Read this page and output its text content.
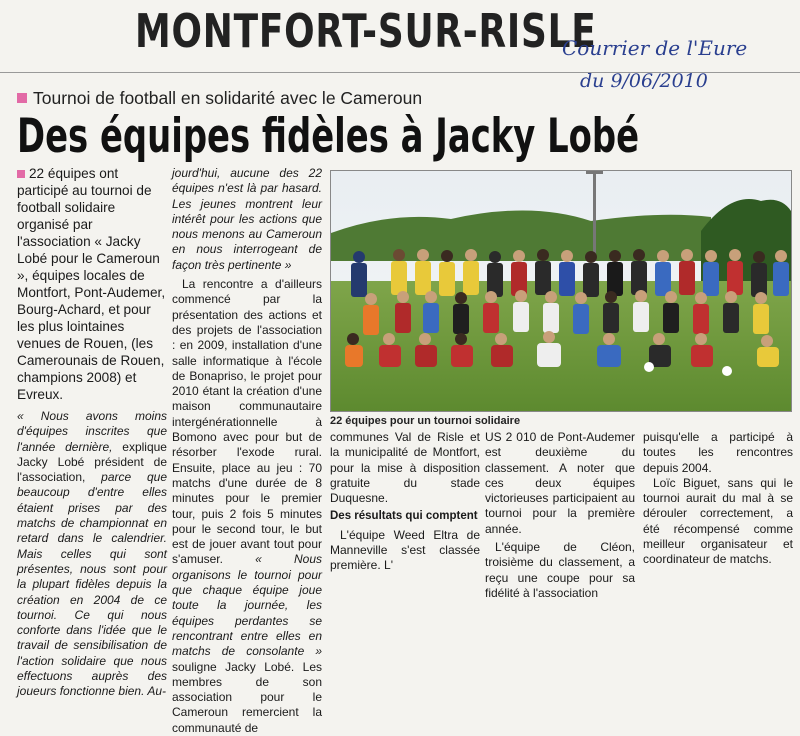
MONTFORT-SUR-RISLE
Courrier de l'Eure
du 9/06/2010
Tournoi de football en solidarité avec le Cameroun
Des équipes fidèles à Jacky Lobé

22 équipes ont participé au tournoi de football solidaire organisé par l'association « Jacky Lobé pour le Cameroun », équipes locales de Montfort, Pont-Audemer, Bourg-Achard, et pour les plus lointaines venues de Rouen, (les Camerounais de Rouen, champions 2008) et Evreux.

« Nous avons moins d'équipes inscrites que l'année dernière, explique Jacky Lobé président de l'association, parce que beaucoup d'entre elles étaient prises par des matchs de championnat en retard dans le calendrier. Mais celles qui sont présentes, nous sont pour la plupart fidèles depuis la création en 2004 de ce tournoi. Ce qui nous conforte dans l'idée que le travail de sensibilisation de l'action solidaire que nous effectuons auprès des joueurs fonctionne bien. Au-

jourd'hui, aucune des 22 équipes n'est là par hasard. Les jeunes montrent leur intérêt pour les actions que nous menons au Cameroun en nous interrogeant de façon très pertinente »

La rencontre a d'ailleurs commencé par la présentation des actions et des projets de l'association : en 2009, installation d'une salle informatique à l'école de Bonapriso, le projet pour 2010 étant la création d'une maison communautaire intergénérationnelle à Bomono avec pour but de résorber l'exode rural. Ensuite, place au jeu : 70 matchs d'une durée de 8 minutes pour le premier tour, puis 2 fois 5 minutes pour le second tour, le but est de jouer avant tout pour s'amuser. « Nous organisons le tournoi pour que chaque équipe joue toute la journée, les équipes perdantes se rencontrant entre elles en matchs de consolante » souligne Jacky Lobé. Les membres de son association pour le Cameroun remercient la communauté de

22 équipes pour un tournoi solidaire

communes Val de Risle et la municipalité de Montfort, pour la mise à disposition gratuite du stade Duquesne.

Des résultats qui comptent

L'équipe Weed Eltra de Manneville s'est classée première. L'

US 2 010 de Pont-Audemer est deuxième du classement. A noter que ces deux équipes victorieuses participaient au tournoi pour la première année.

L'équipe de Cléon, troisième du classement, a reçu une coupe pour sa fidélité à l'association

puisqu'elle a participé à toutes les rencontres depuis 2004.

Loïc Biguet, sans qui le tournoi aurait du mal à se dérouler correctement, a été récompensé comme meilleur organisateur et coordinateur de matchs.
